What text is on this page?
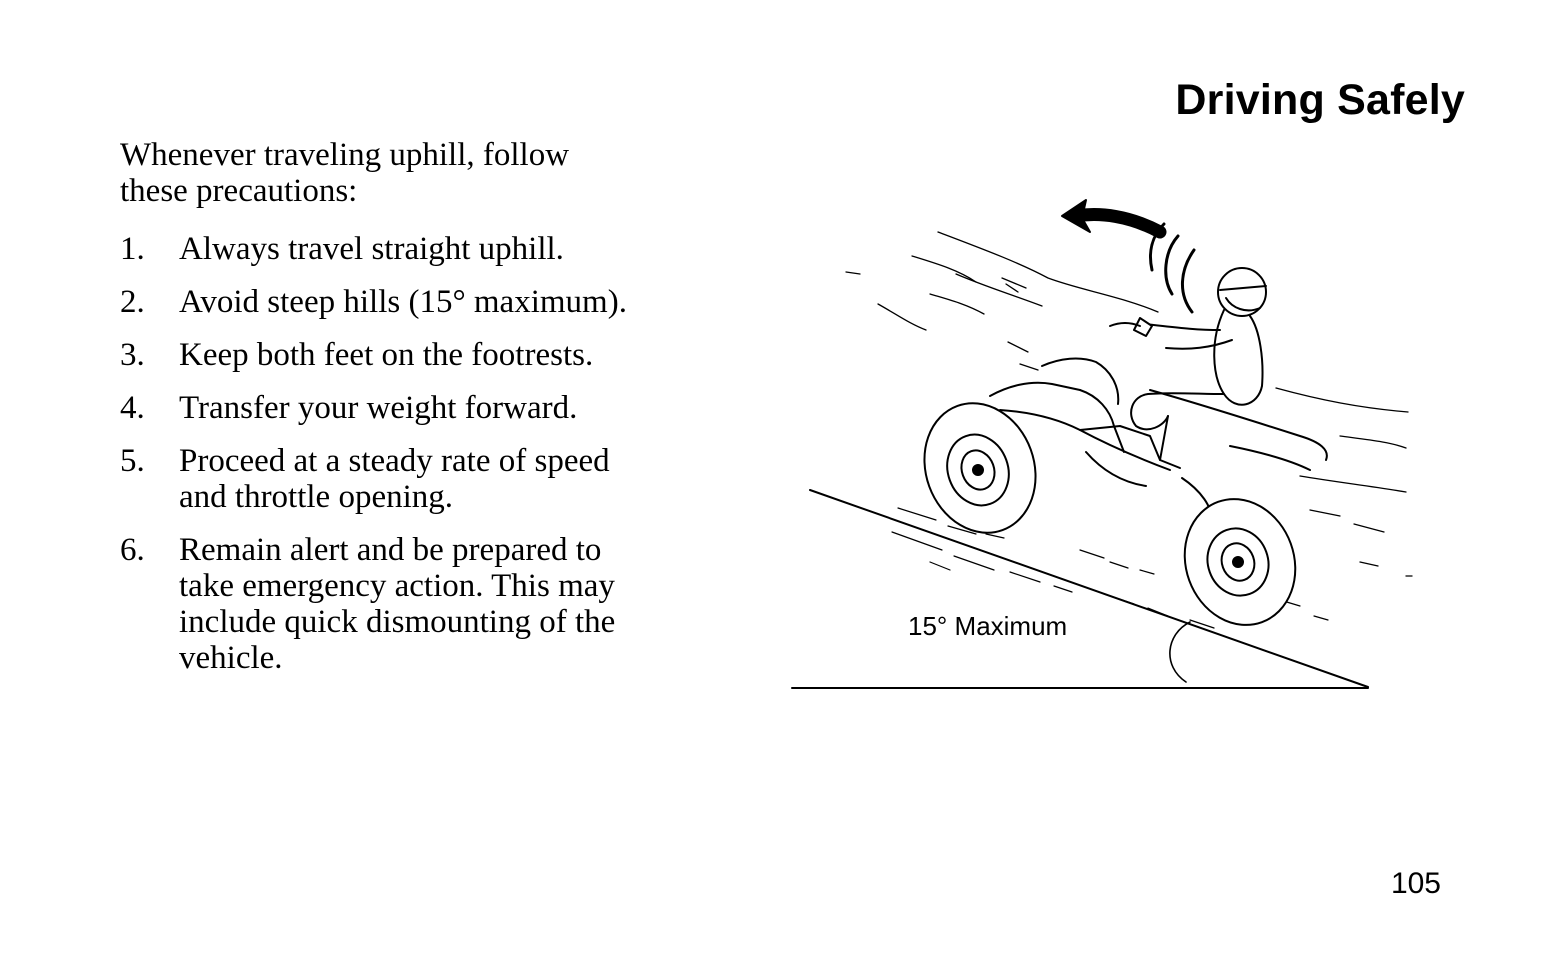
Driving Safely
Whenever traveling uphill, follow
these precautions:
1.	Always travel straight uphill.
2.	Avoid steep hills (15° maximum).
3.	Keep both feet on the footrests.
4.	Transfer your weight forward.
5.	Proceed at a steady rate of speed
and throttle opening.
6.	Remain alert and be prepared to
take emergency action. This may
include quick dismounting of the
vehicle.
15° Maximum
105
